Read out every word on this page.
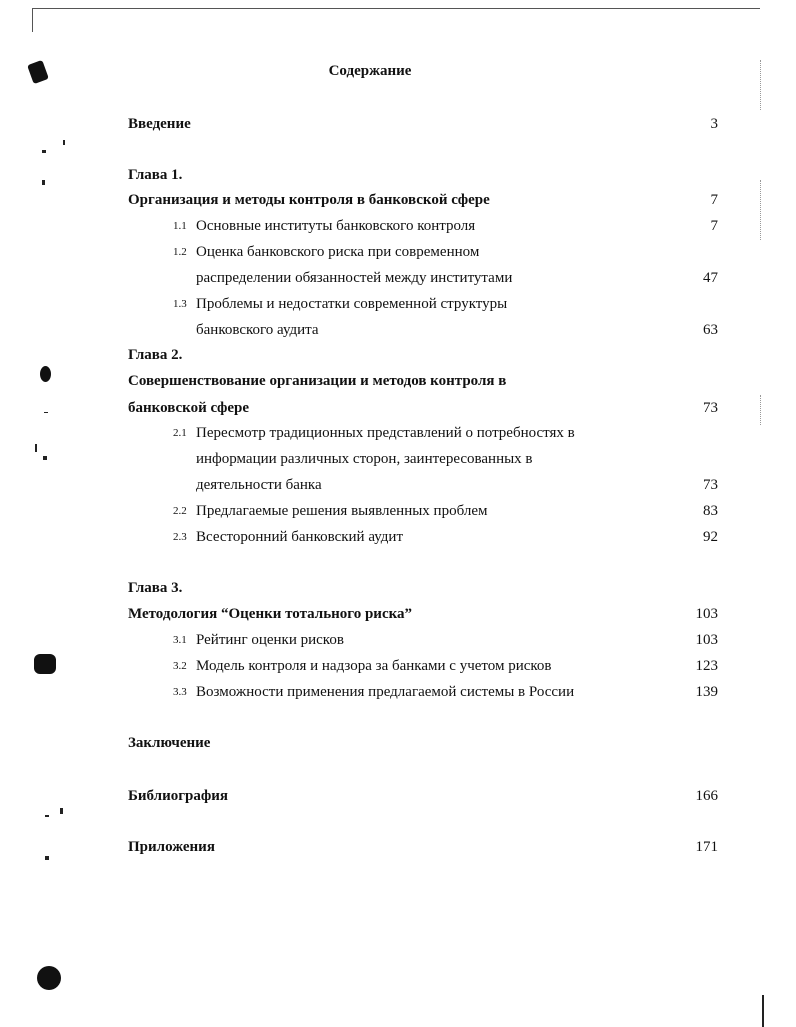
Содержание
Введение	3
Глава 1.
Организация и методы контроля в банковской сфере	7
1.1 Основные институты банковского контроля	7
1.2 Оценка банковского риска при современном
распределении обязанностей между институтами	47
1.3 Проблемы и недостатки современной структуры
банковского аудита	63
Глава 2.
Совершенствование организации и методов контроля в
банковской сфере	73
2.1 Пересмотр традиционных представлений о потребностях в
информации различных сторон, заинтересованных в
деятельности банка	73
2.2 Предлагаемые решения выявленных проблем	83
2.3 Всесторонний банковский аудит	92
Глава 3.
Методология “Оценки тотального риска”	103
3.1 Рейтинг оценки рисков	103
3.2 Модель контроля и надзора за банками с учетом рисков	123
3.3 Возможности применения предлагаемой системы в России	139
Заключение
Библиография	166
Приложения	171
